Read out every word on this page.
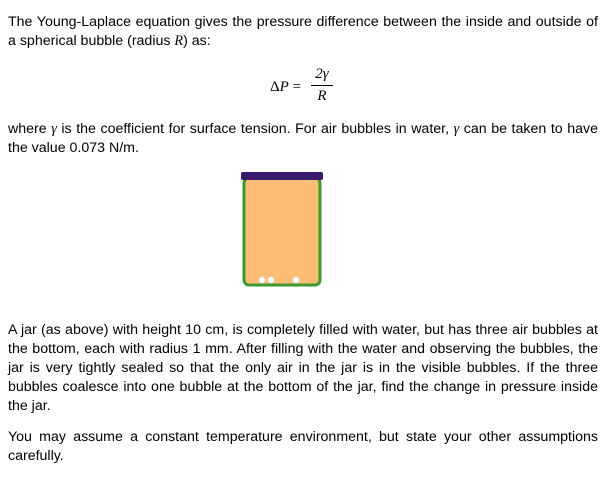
The Young-Laplace equation gives the pressure difference between the inside and outside of a spherical bubble (radius R) as:

ΔP =
2γ
R

where γ is the coefficient for surface tension. For air bubbles in water, γ can be taken to have the value 0.073 N/m.

A jar (as above) with height 10 cm, is completely filled with water, but has three air bubbles at the bottom, each with radius 1 mm. After filling with the water and observing the bubbles, the jar is very tightly sealed so that the only air in the jar is in the visible bubbles. If the three bubbles coalesce into one bubble at the bottom of the jar, find the change in pressure inside the jar.

You may assume a constant temperature environment, but state your other assumptions carefully.
